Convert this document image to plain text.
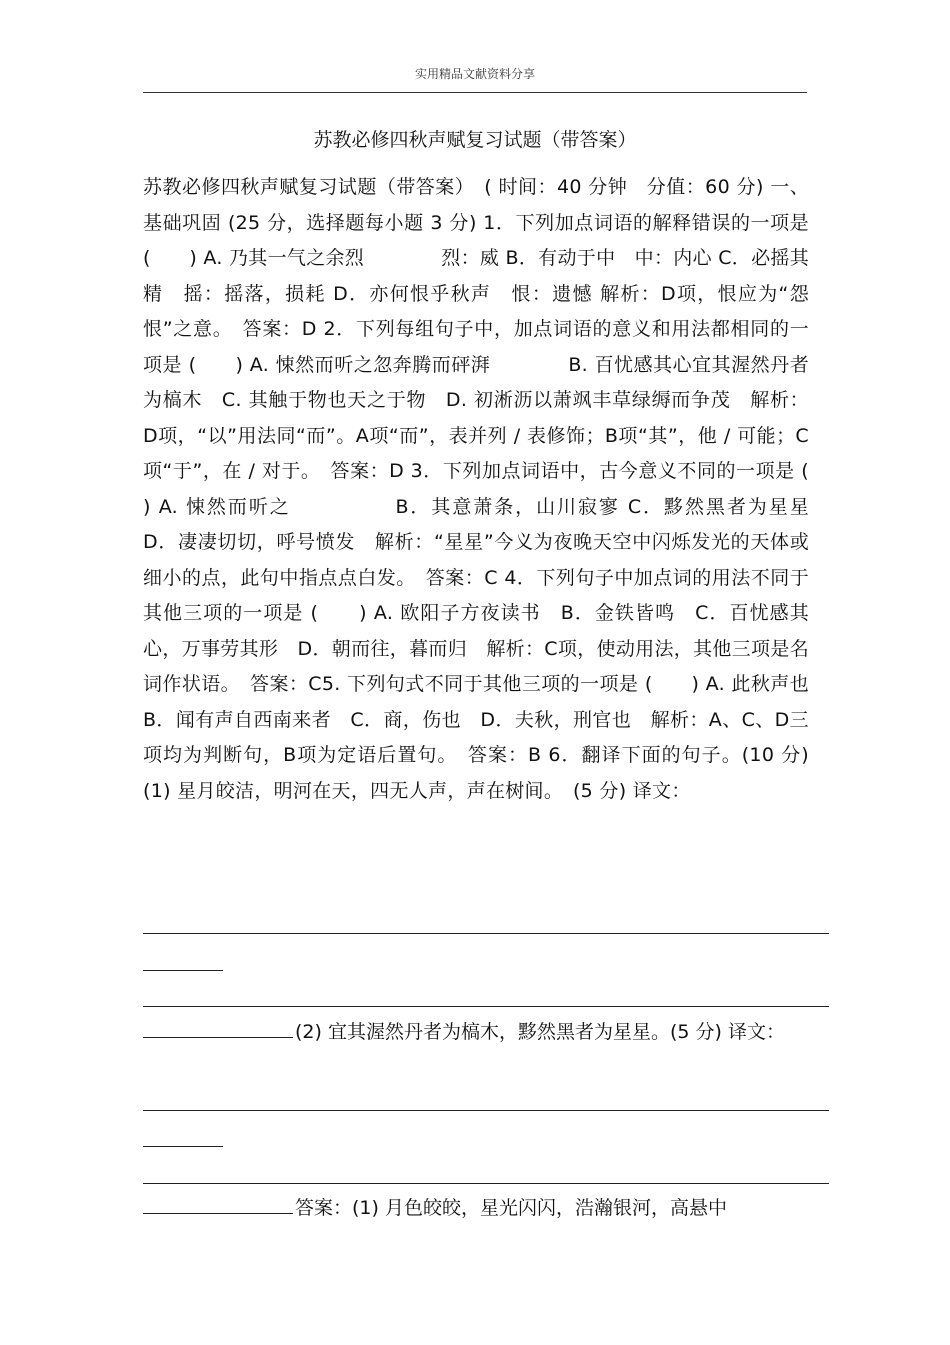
实用精品文献资料分享
苏教必修四秋声赋复习试题（带答案）
苏教必修四秋声赋复习试题（带答案）　( 时间：40 分钟　分值：60 分) 一、基础巩固 (25 分，选择题每小题 3 分) 1．下列加点词语的解释错误的一项是 (　　) A. 乃其一气之余烈　　　　烈：威 B．有动于中　中：内心 C．必摇其精　摇：摇落，损耗 D．亦何恨乎秋声　恨：遗憾 解析：D项，恨应为“怨恨”之意。　答案：D 2．下列每组句子中，加点词语的意义和用法都相同的一项是 (　　) A. 悚然而听之忽奔腾而砰湃　　　　B. 百忧感其心宜其渥然丹者为槁木　C. 其触于物也天之于物　D. 初淅沥以萧飒丰草绿缛而争茂　解析：D项，“以”用法同“而”。A项“而”，表并列 / 表修饰；B项“其”，他 / 可能；C项“于”，在 / 对于。　答案：D 3．下列加点词语中，古今意义不同的一项是 (　　) A. 悚然而听之　　　　　B．其意萧条，山川寂寥 C．黟然黑者为星星　D．凄凄切切，呼号愤发　解析：“星星”今义为夜晚天空中闪烁发光的天体或细小的点，此句中指点点白发。　答案：C 4．下列句子中加点词的用法不同于其他三项的一项是 (　　) A. 欧阳子方夜读书　B．金铁皆鸣　C．百忧感其心，万事劳其形　D．朝而往，暮而归　解析：C项，使动用法，其他三项是名词作状语。　答案：C5. 下列句式不同于其他三项的一项是 (　　) A. 此秋声也　B．闻有声自西南来者　C．商，伤也　D．夫秋，刑官也　解析：A、C、D三项均为判断句，B项为定语后置句。　答案：B 6．翻译下面的句子。(10 分) (1) 星月皎洁，明河在天，四无人声，声在树间。　(5 分) 译文：
(2) 宜其渥然丹者为槁木，黟然黑者为星星。(5 分) 译文：
答案：(1) 月色皎皎，星光闪闪，浩瀚银河，高悬中
